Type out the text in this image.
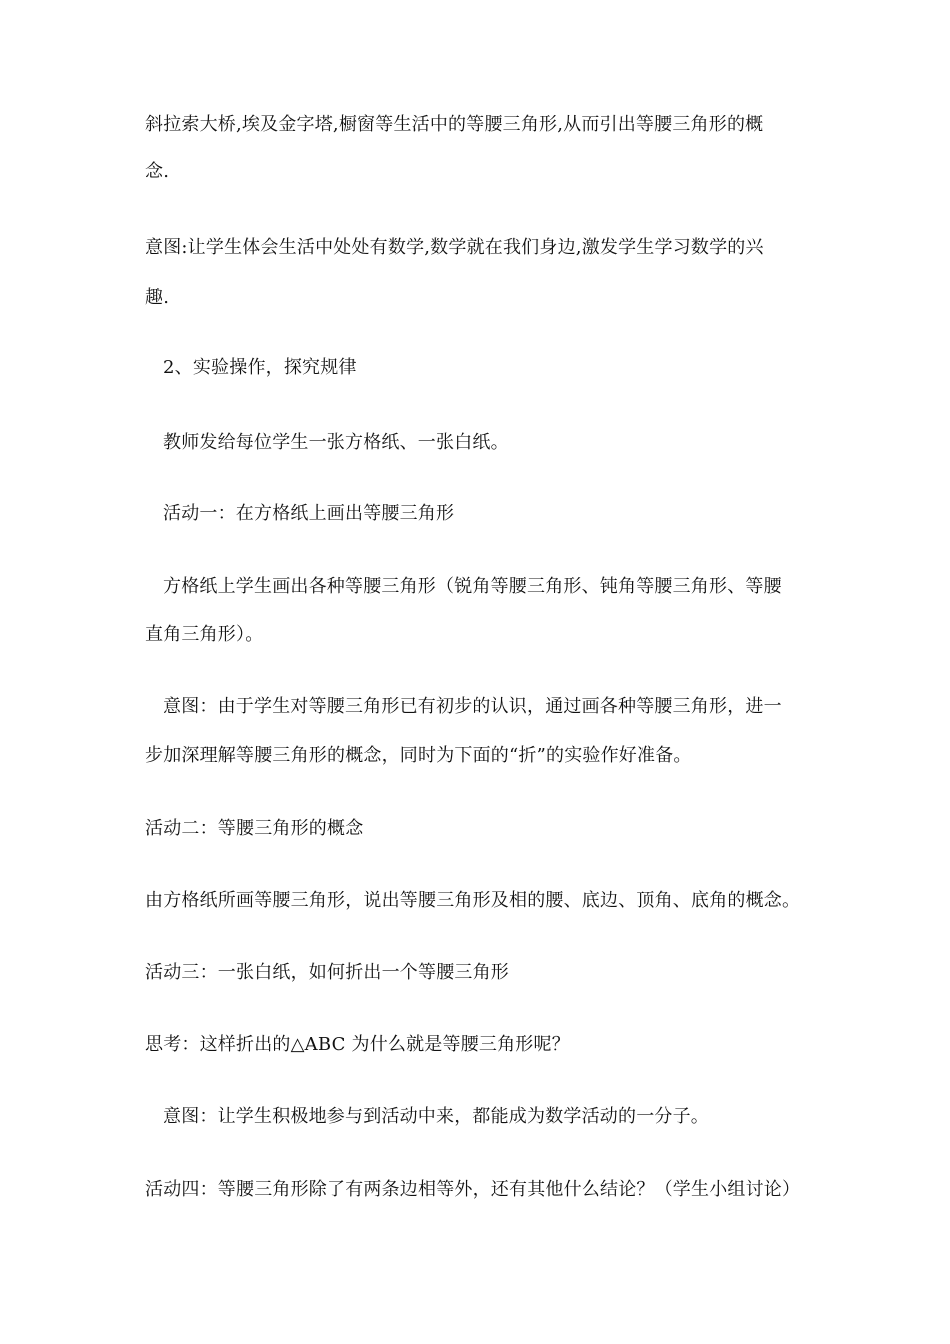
斜拉索大桥,埃及金字塔,橱窗等生活中的等腰三角形,从而引出等腰三角形的概
念.
意图:让学生体会生活中处处有数学,数学就在我们身边,激发学生学习数学的兴
趣.
2、实验操作，探究规律
教师发给每位学生一张方格纸、一张白纸。
活动一：在方格纸上画出等腰三角形
方格纸上学生画出各种等腰三角形（锐角等腰三角形、钝角等腰三角形、等腰
直角三角形）。
意图：由于学生对等腰三角形已有初步的认识，通过画各种等腰三角形，进一
步加深理解等腰三角形的概念，同时为下面的“折”的实验作好准备。
活动二：等腰三角形的概念
由方格纸所画等腰三角形，说出等腰三角形及相的腰、底边、顶角、底角的概念。
活动三：一张白纸，如何折出一个等腰三角形
思考：这样折出的△ABC 为什么就是等腰三角形呢？
意图：让学生积极地参与到活动中来，都能成为数学活动的一分子。
活动四：等腰三角形除了有两条边相等外，还有其他什么结论？（学生小组讨论）
